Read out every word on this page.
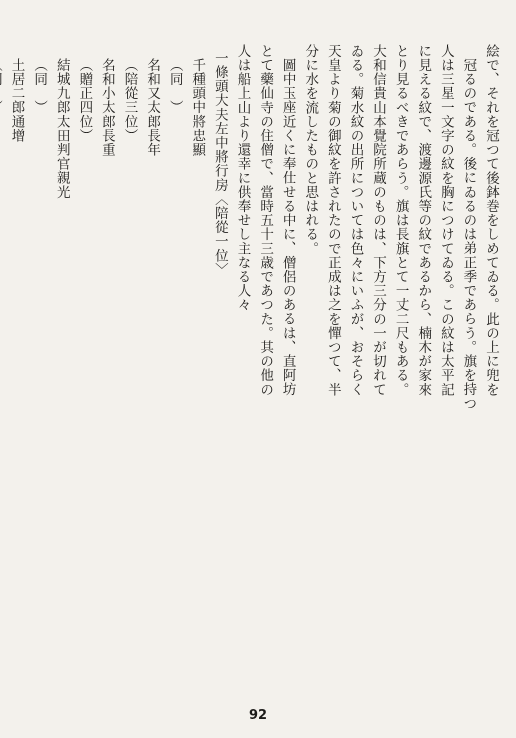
絵で、それを冠つて後鉢巻をしめてゐる。此の上に兜を
冠るのである。後にゐるのは弟正季であらう。旗を持つ
人は三星一文字の紋を胸につけてゐる。この紋は太平記
に見える紋で、渡邊源氏等の紋であるから、楠木が家來
とり見るべきであらう。旗は長旗とて一丈二尺もある。
大和信貴山本覺院所蔵のものは、下方三分の一が切れて
ゐる。菊水紋の出所については色々にいふが、おそらく
天皇より菊の御紋を許されたので正成は之を憚つて、半
分に水を流したものと思はれる。
圖中玉座近くに奉仕せる中に、僧侶のあるは、直阿坊
とて藥仙寺の住僧で、當時五十三歳であつた。其の他の
人は船上山より還幸に供奉せし主なる人々
一條頭大夫左中將行房〈陪從一位〉
千種頭中將忠顯
（同　）
名和又太郎長年
（陪從三位）
名和小太郎長重
（贈正四位）
結城九郎太田判官親光
（同　）
土居二郎通增
92
